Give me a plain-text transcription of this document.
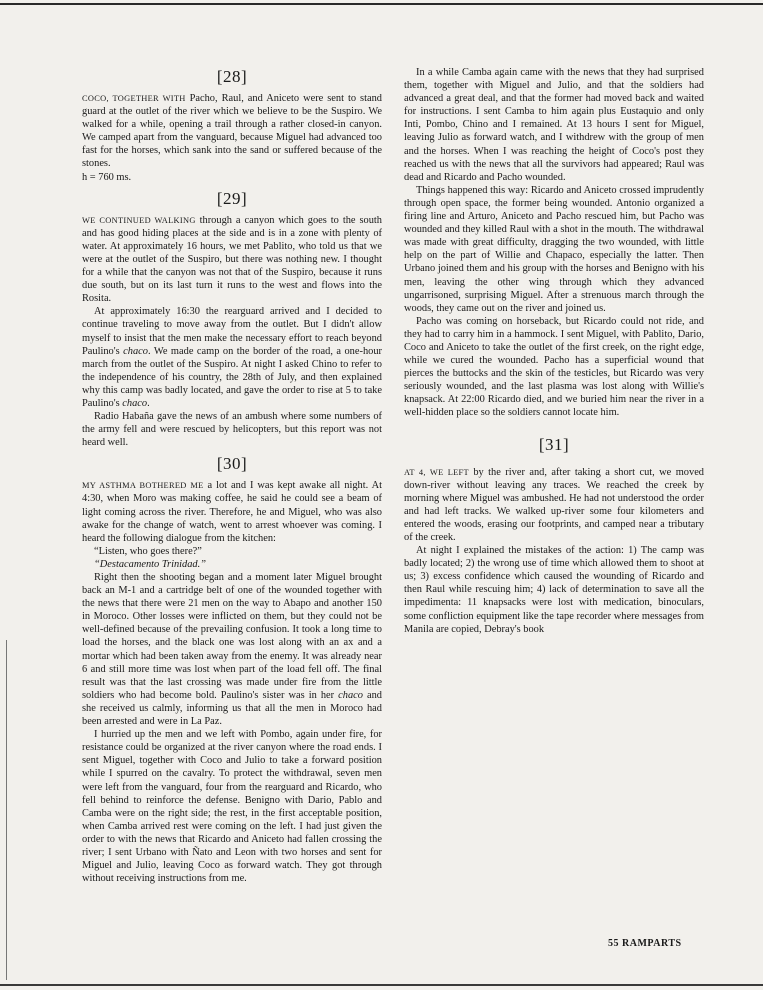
[28]

COCO, TOGETHER WITH Pacho, Raul, and Aniceto were sent to stand guard at the outlet of the river which we believe to be the Suspiro. We walked for a while, opening a trail through a rather closed-in canyon. We camped apart from the vanguard, because Miguel had advanced too fast for the horses, which sank into the sand or suffered because of the stones.

h = 760 ms.

[29]

WE CONTINUED WALKING through a canyon which goes to the south and has good hiding places at the side and is in a zone with plenty of water. At approximately 16 hours, we met Pablito, who told us that we were at the outlet of the Suspiro, but there was nothing new. I thought for a while that the canyon was not that of the Suspiro, because it runs due south, but on its last turn it runs to the west and flows into the Rosita.

At approximately 16:30 the rearguard arrived and I decided to continue traveling to move away from the outlet. But I didn't allow myself to insist that the men make the necessary effort to reach beyond Paulino's chaco. We made camp on the border of the road, a one-hour march from the outlet of the Suspiro. At night I asked Chino to refer to the independence of his country, the 28th of July, and then explained why this camp was badly located, and gave the order to rise at 5 to take Paulino's chaco.

Radio Habaña gave the news of an ambush where some numbers of the army fell and were rescued by helicopters, but this report was not heard well.

[30]

MY ASTHMA BOTHERED ME a lot and I was kept awake all night. At 4:30, when Moro was making coffee, he said he could see a beam of light coming across the river. Therefore, he and Miguel, who was also awake for the change of watch, went to arrest whoever was coming. I heard the following dialogue from the kitchen:

“Listen, who goes there?”

“Destacamento Trinidad.”

Right then the shooting began and a moment later Miguel brought back an M-1 and a cartridge belt of one of the wounded together with the news that there were 21 men on the way to Abapo and another 150 in Moroco. Other losses were inflicted on them, but they could not be well-defined because of the prevailing confusion. It took a long time to load the horses, and the black one was lost along with an ax and a mortar which had been taken away from the enemy. It was already near 6 and still more time was lost when part of the load fell off. The final result was that the last crossing was made under fire from the little soldiers who had become bold. Paulino's sister was in her chaco and she received us calmly, informing us that all the men in Moroco had been arrested and were in La Paz.

I hurried up the men and we left with Pombo, again under fire, for resistance could be organized at the river canyon where the road ends. I sent Miguel, together with Coco and Julio to take a forward position while I spurred on the cavalry. To protect the withdrawal, seven men were left from the vanguard, four from the rearguard and Ricardo, who fell behind to reinforce the defense. Benigno with Dario, Pablo and Camba were on the right side; the rest, in the first acceptable position, when Camba arrived rest were coming on the left. I had just given the order to with the news that Ricardo and Aniceto had fallen crossing the river; I sent Urbano with Ñato and Leon with two horses and sent for Miguel and Julio, leaving Coco as forward watch. They got through without receiving instructions from me.

In a while Camba again came with the news that they had surprised them, together with Miguel and Julio, and that the soldiers had advanced a great deal, and that the former had moved back and waited for instructions. I sent Camba to him again plus Eustaquio and only Inti, Pombo, Chino and I remained. At 13 hours I sent for Miguel, leaving Julio as forward watch, and I withdrew with the group of men and the horses. When I was reaching the height of Coco's post they reached us with the news that all the survivors had appeared; Raul was dead and Ricardo and Pacho wounded.

Things happened this way: Ricardo and Aniceto crossed imprudently through open space, the former being wounded. Antonio organized a firing line and Arturo, Aniceto and Pacho rescued him, but Pacho was wounded and they killed Raul with a shot in the mouth. The withdrawal was made with great difficulty, dragging the two wounded, with little help on the part of Willie and Chapaco, especially the latter. Then Urbano joined them and his group with the horses and Benigno with his men, leaving the other wing through which they advanced ungarrisoned, surprising Miguel. After a strenuous march through the woods, they came out on the river and joined us.

Pacho was coming on horseback, but Ricardo could not ride, and they had to carry him in a hammock. I sent Miguel, with Pablito, Dario, Coco and Aniceto to take the outlet of the first creek, on the right edge, while we cured the wounded. Pacho has a superficial wound that pierces the buttocks and the skin of the testicles, but Ricardo was very seriously wounded, and the last plasma was lost along with Willie's knapsack. At 22:00 Ricardo died, and we buried him near the river in a well-hidden place so the soldiers cannot locate him.

[31]

AT 4, WE LEFT by the river and, after taking a short cut, we moved down-river without leaving any traces. We reached the creek by morning where Miguel was ambushed. He had not understood the order and had left tracks. We walked up-river some four kilometers and entered the woods, erasing our footprints, and camped near a tributary of the creek.

At night I explained the mistakes of the action: 1) The camp was badly located; 2) the wrong use of time which allowed them to shoot at us; 3) excess confidence which caused the wounding of Ricardo and then Raul while rescuing him; 4) lack of determination to save all the impedimenta: 11 knapsacks were lost with medication, binoculars, some confliction equipment like the tape recorder where messages from Manila are copied, Debray's book

55 RAMPARTS
